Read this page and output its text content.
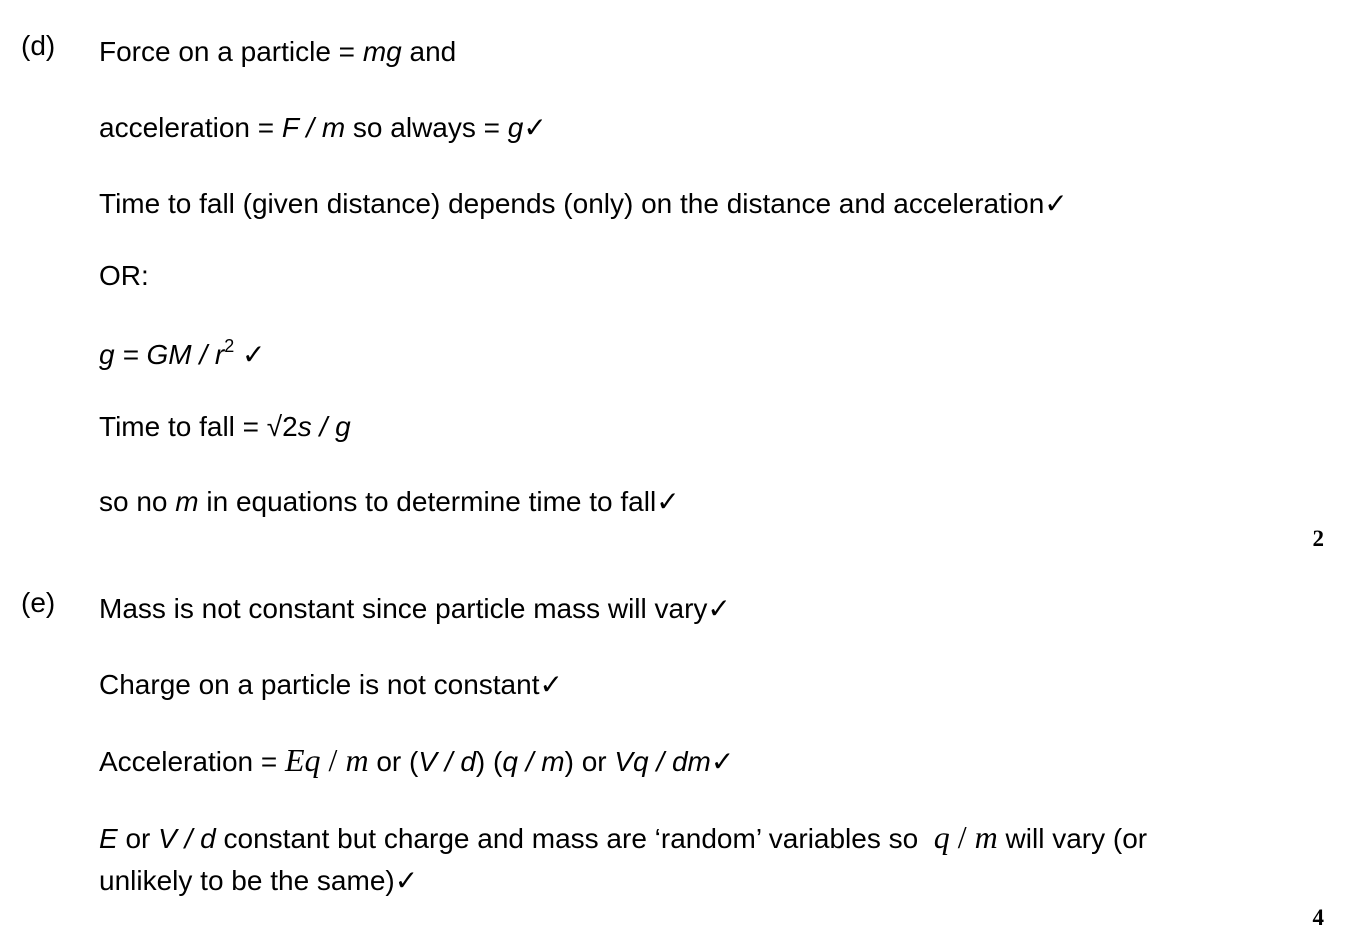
(d) Force on a particle = mg and
acceleration = F / m so always = g✓
Time to fall (given distance) depends (only) on the distance and acceleration✓
OR:
g = GM / $r^2$ ✓
Time to fall = √2s / g
so no m in equations to determine time to fall✓
2
(e) Mass is not constant since particle mass will vary✓
Charge on a particle is not constant✓
Acceleration = Eq / m or (V / d) (q / m) or Vq / dm✓
E or V / d constant but charge and mass are ‘random’ variables so  q / m will vary (or
unlikely to be the same)✓
4
